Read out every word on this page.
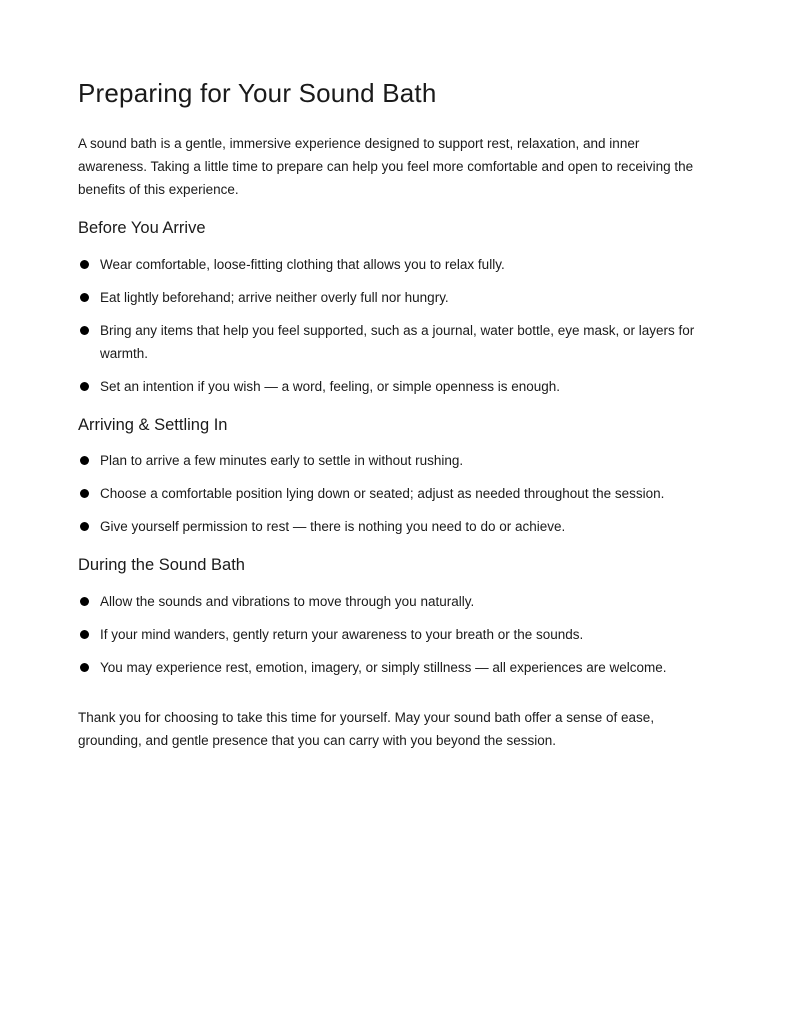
Preparing for Your Sound Bath

A sound bath is a gentle, immersive experience designed to support rest, relaxation, and inner awareness. Taking a little time to prepare can help you feel more comfortable and open to receiving the benefits of this experience.

Before You Arrive
Wear comfortable, loose-fitting clothing that allows you to relax fully.
Eat lightly beforehand; arrive neither overly full nor hungry.
Bring any items that help you feel supported, such as a journal, water bottle, eye mask, or layers for warmth.
Set an intention if you wish — a word, feeling, or simple openness is enough.
Arriving & Settling In
Plan to arrive a few minutes early to settle in without rushing.
Choose a comfortable position lying down or seated; adjust as needed throughout the session.
Give yourself permission to rest — there is nothing you need to do or achieve.
During the Sound Bath
Allow the sounds and vibrations to move through you naturally.
If your mind wanders, gently return your awareness to your breath or the sounds.
You may experience rest, emotion, imagery, or simply stillness — all experiences are welcome.

Thank you for choosing to take this time for yourself. May your sound bath offer a sense of ease, grounding, and gentle presence that you can carry with you beyond the session.
